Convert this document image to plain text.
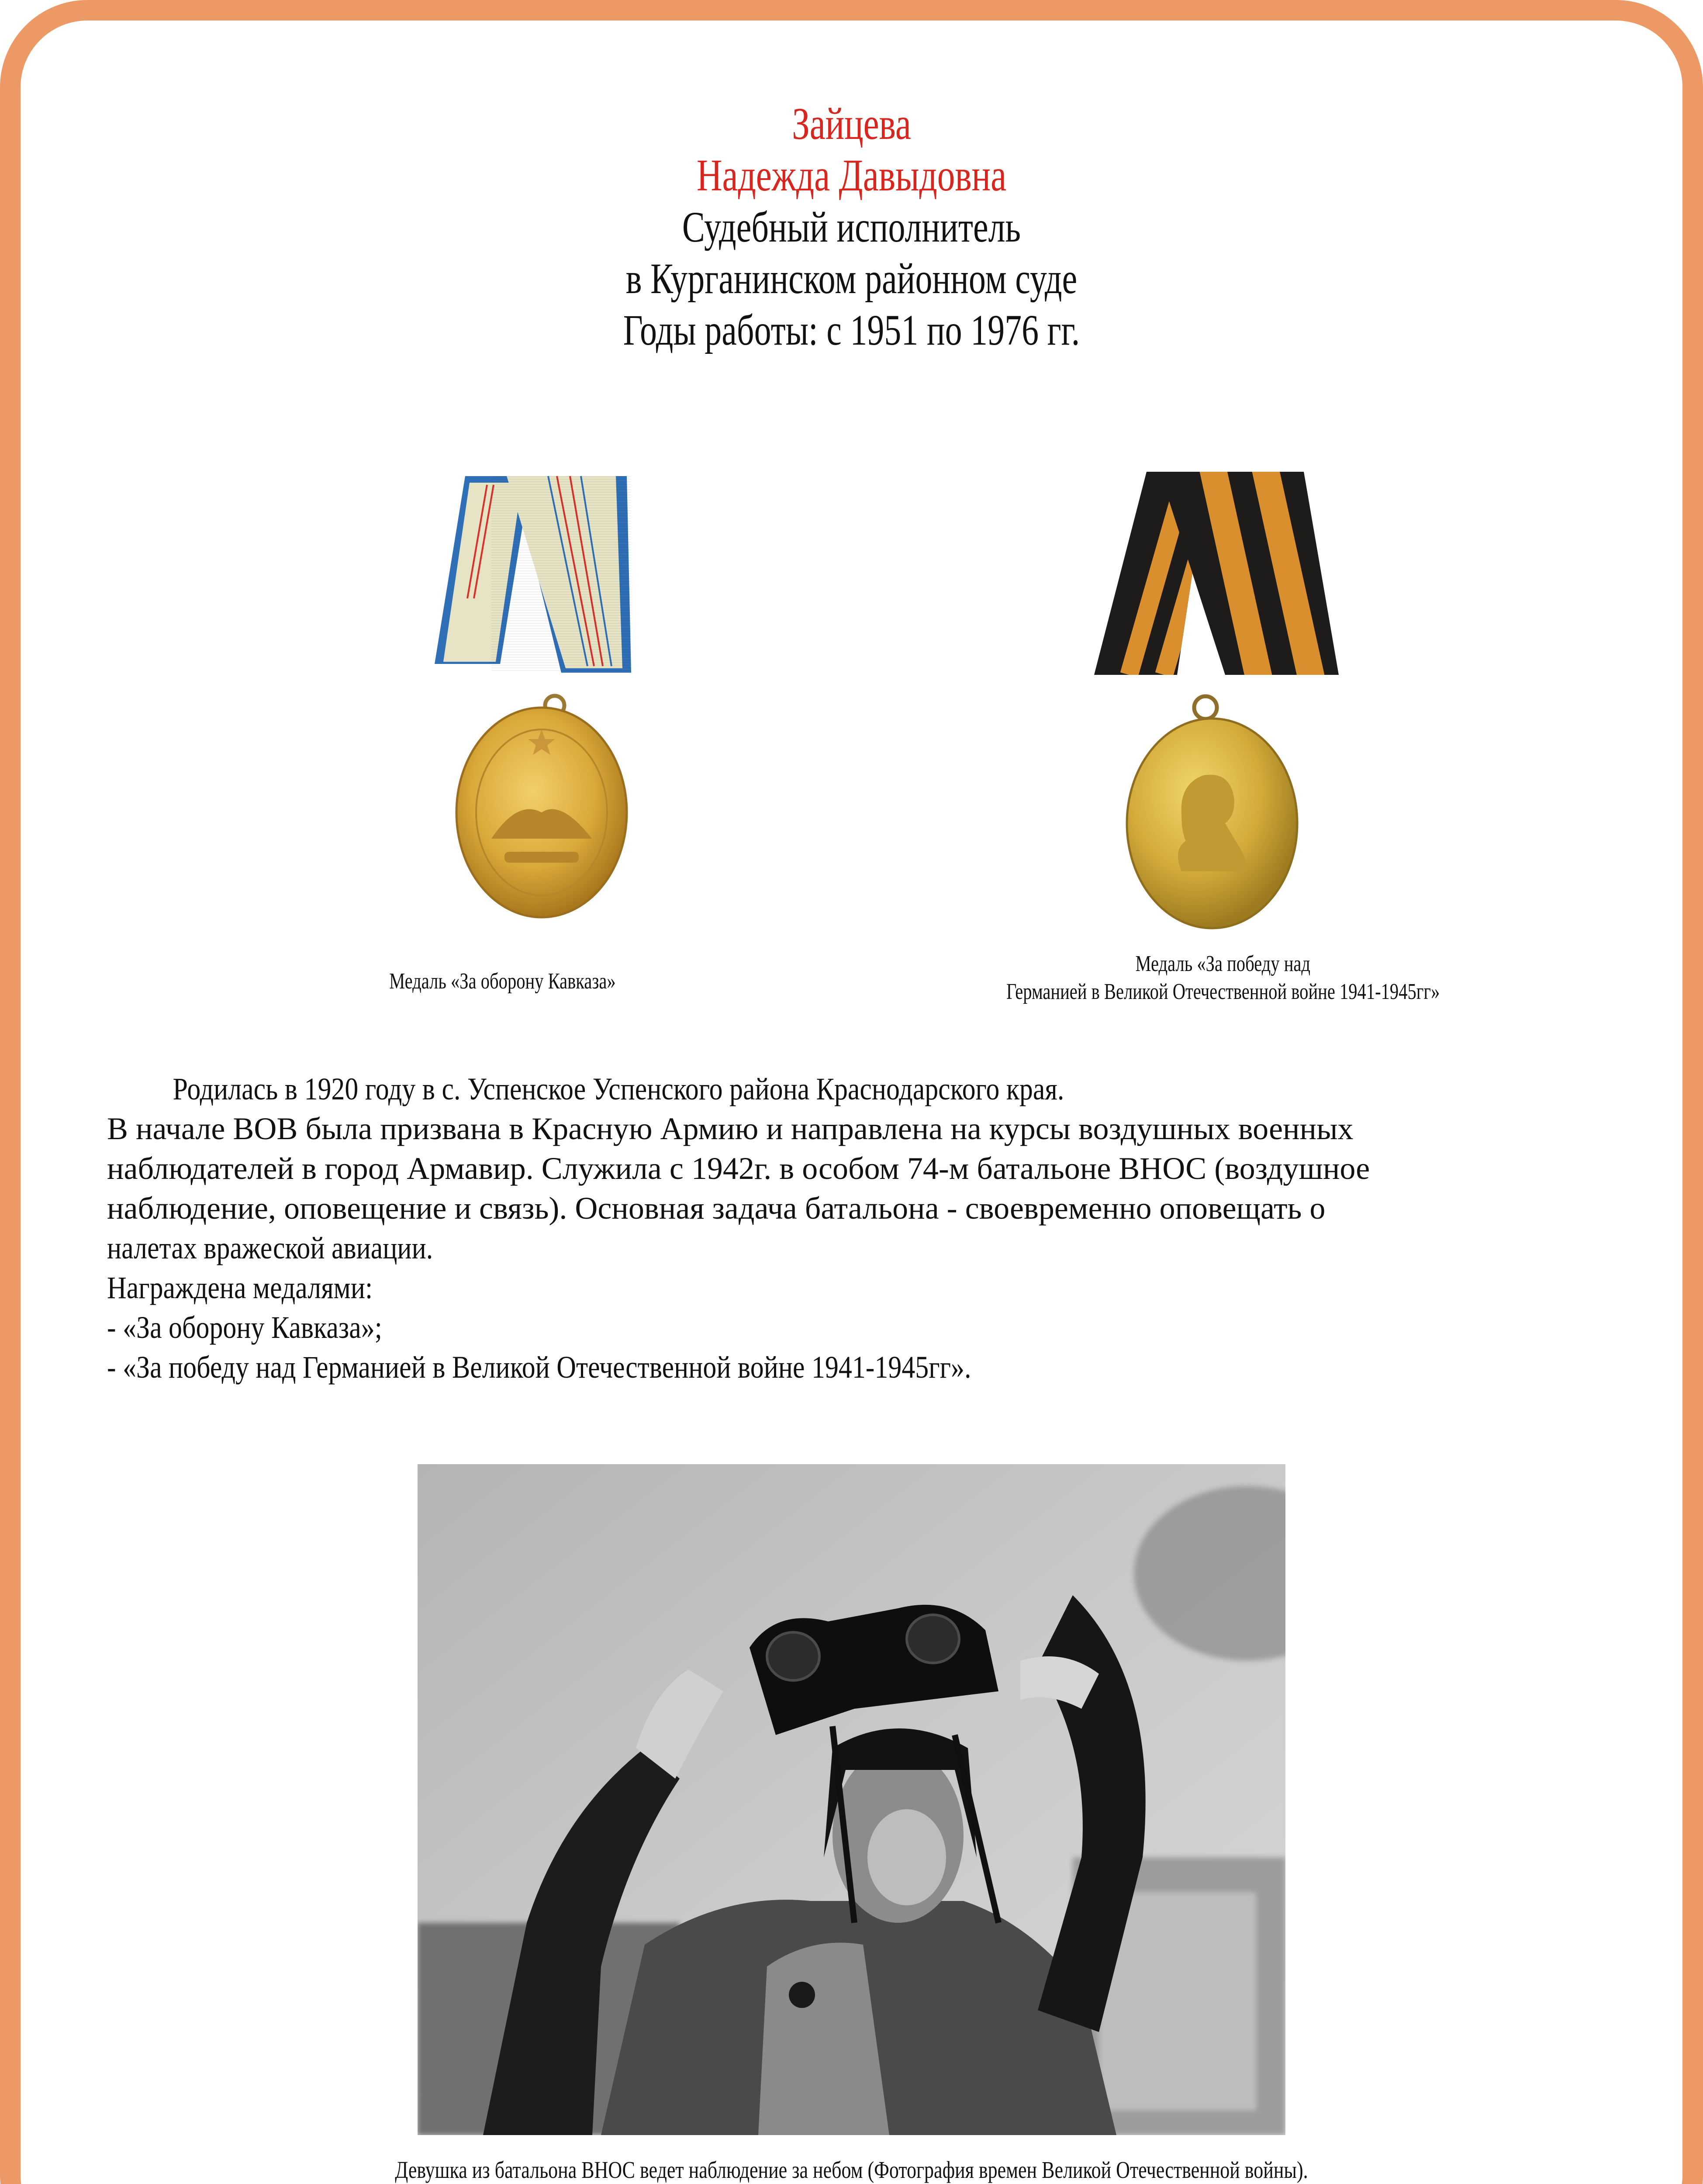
Зайцева
Надежда Давыдовна
Судебный исполнитель
в Курганинском районном суде
Годы работы: с 1951 по 1976 гг.
Медаль «За оборону Кавказа»
Медаль «За победу над
Германией в Великой Отечественной войне 1941-1945гг»
Родилась в 1920 году в с. Успенское Успенского района Краснодарского края.
В начале ВОВ была призвана в Красную Армию и направлена на курсы воздушных военных
наблюдателей в город Армавир. Служила с 1942г. в особом 74-м батальоне ВНОС (воздушное
наблюдение, оповещение и связь). Основная задача батальона - своевременно оповещать о
налетах вражеской авиации.
Награждена медалями:
- «За оборону Кавказа»;
- «За победу над Германией в Великой Отечественной войне 1941-1945гг».
Девушка из батальона ВНОС ведет наблюдение за небом (Фотография времен Великой Отечественной войны).
